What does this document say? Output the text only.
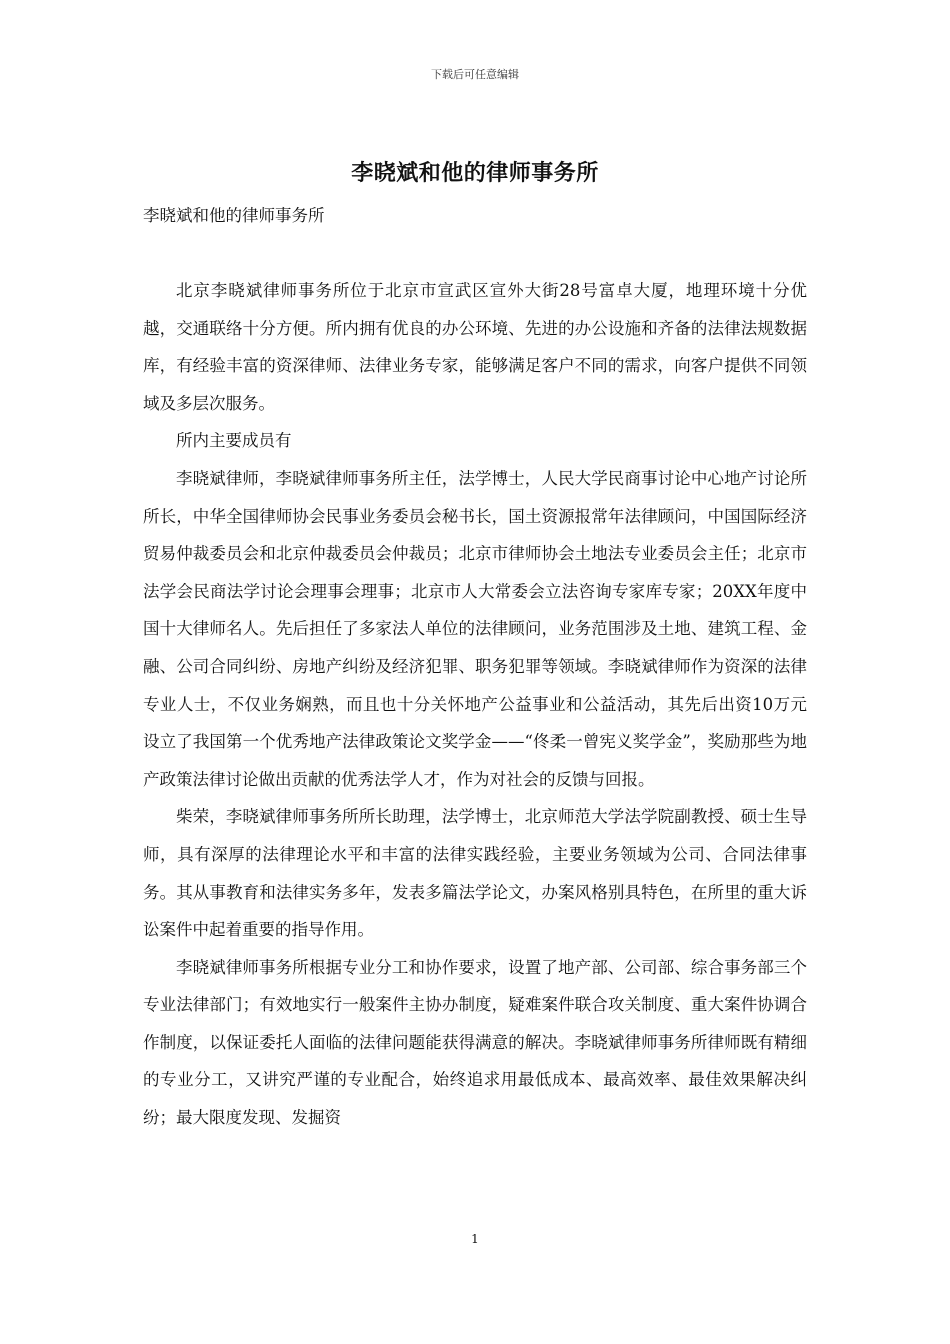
下载后可任意编辑
李晓斌和他的律师事务所
李晓斌和他的律师事务所

北京李晓斌律师事务所位于北京市宣武区宣外大街28号富卓大厦，地理环境十分优越，交通联络十分方便。所内拥有优良的办公环境、先进的办公设施和齐备的法律法规数据库，有经验丰富的资深律师、法律业务专家，能够满足客户不同的需求，向客户提供不同领域及多层次服务。

所内主要成员有

李晓斌律师，李晓斌律师事务所主任，法学博士，人民大学民商事讨论中心地产讨论所所长，中华全国律师协会民事业务委员会秘书长，国土资源报常年法律顾问，中国国际经济贸易仲裁委员会和北京仲裁委员会仲裁员；北京市律师协会土地法专业委员会主任；北京市法学会民商法学讨论会理事会理事；北京市人大常委会立法咨询专家库专家；20XX年度中国十大律师名人。先后担任了多家法人单位的法律顾问，业务范围涉及土地、建筑工程、金融、公司合同纠纷、房地产纠纷及经济犯罪、职务犯罪等领域。李晓斌律师作为资深的法律专业人士，不仅业务娴熟，而且也十分关怀地产公益事业和公益活动，其先后出资10万元设立了我国第一个优秀地产法律政策论文奖学金——“佟柔一曾宪义奖学金”，奖励那些为地产政策法律讨论做出贡献的优秀法学人才，作为对社会的反馈与回报。

柴荣，李晓斌律师事务所所长助理，法学博士，北京师范大学法学院副教授、硕士生导师，具有深厚的法律理论水平和丰富的法律实践经验，主要业务领域为公司、合同法律事务。其从事教育和法律实务多年，发表多篇法学论文，办案风格别具特色，在所里的重大诉讼案件中起着重要的指导作用。

李晓斌律师事务所根据专业分工和协作要求，设置了地产部、公司部、综合事务部三个专业法律部门；有效地实行一般案件主协办制度，疑难案件联合攻关制度、重大案件协调合作制度，以保证委托人面临的法律问题能获得满意的解决。李晓斌律师事务所律师既有精细的专业分工，又讲究严谨的专业配合，始终追求用最低成本、最高效率、最佳效果解决纠纷；最大限度发现、发掘资

1
